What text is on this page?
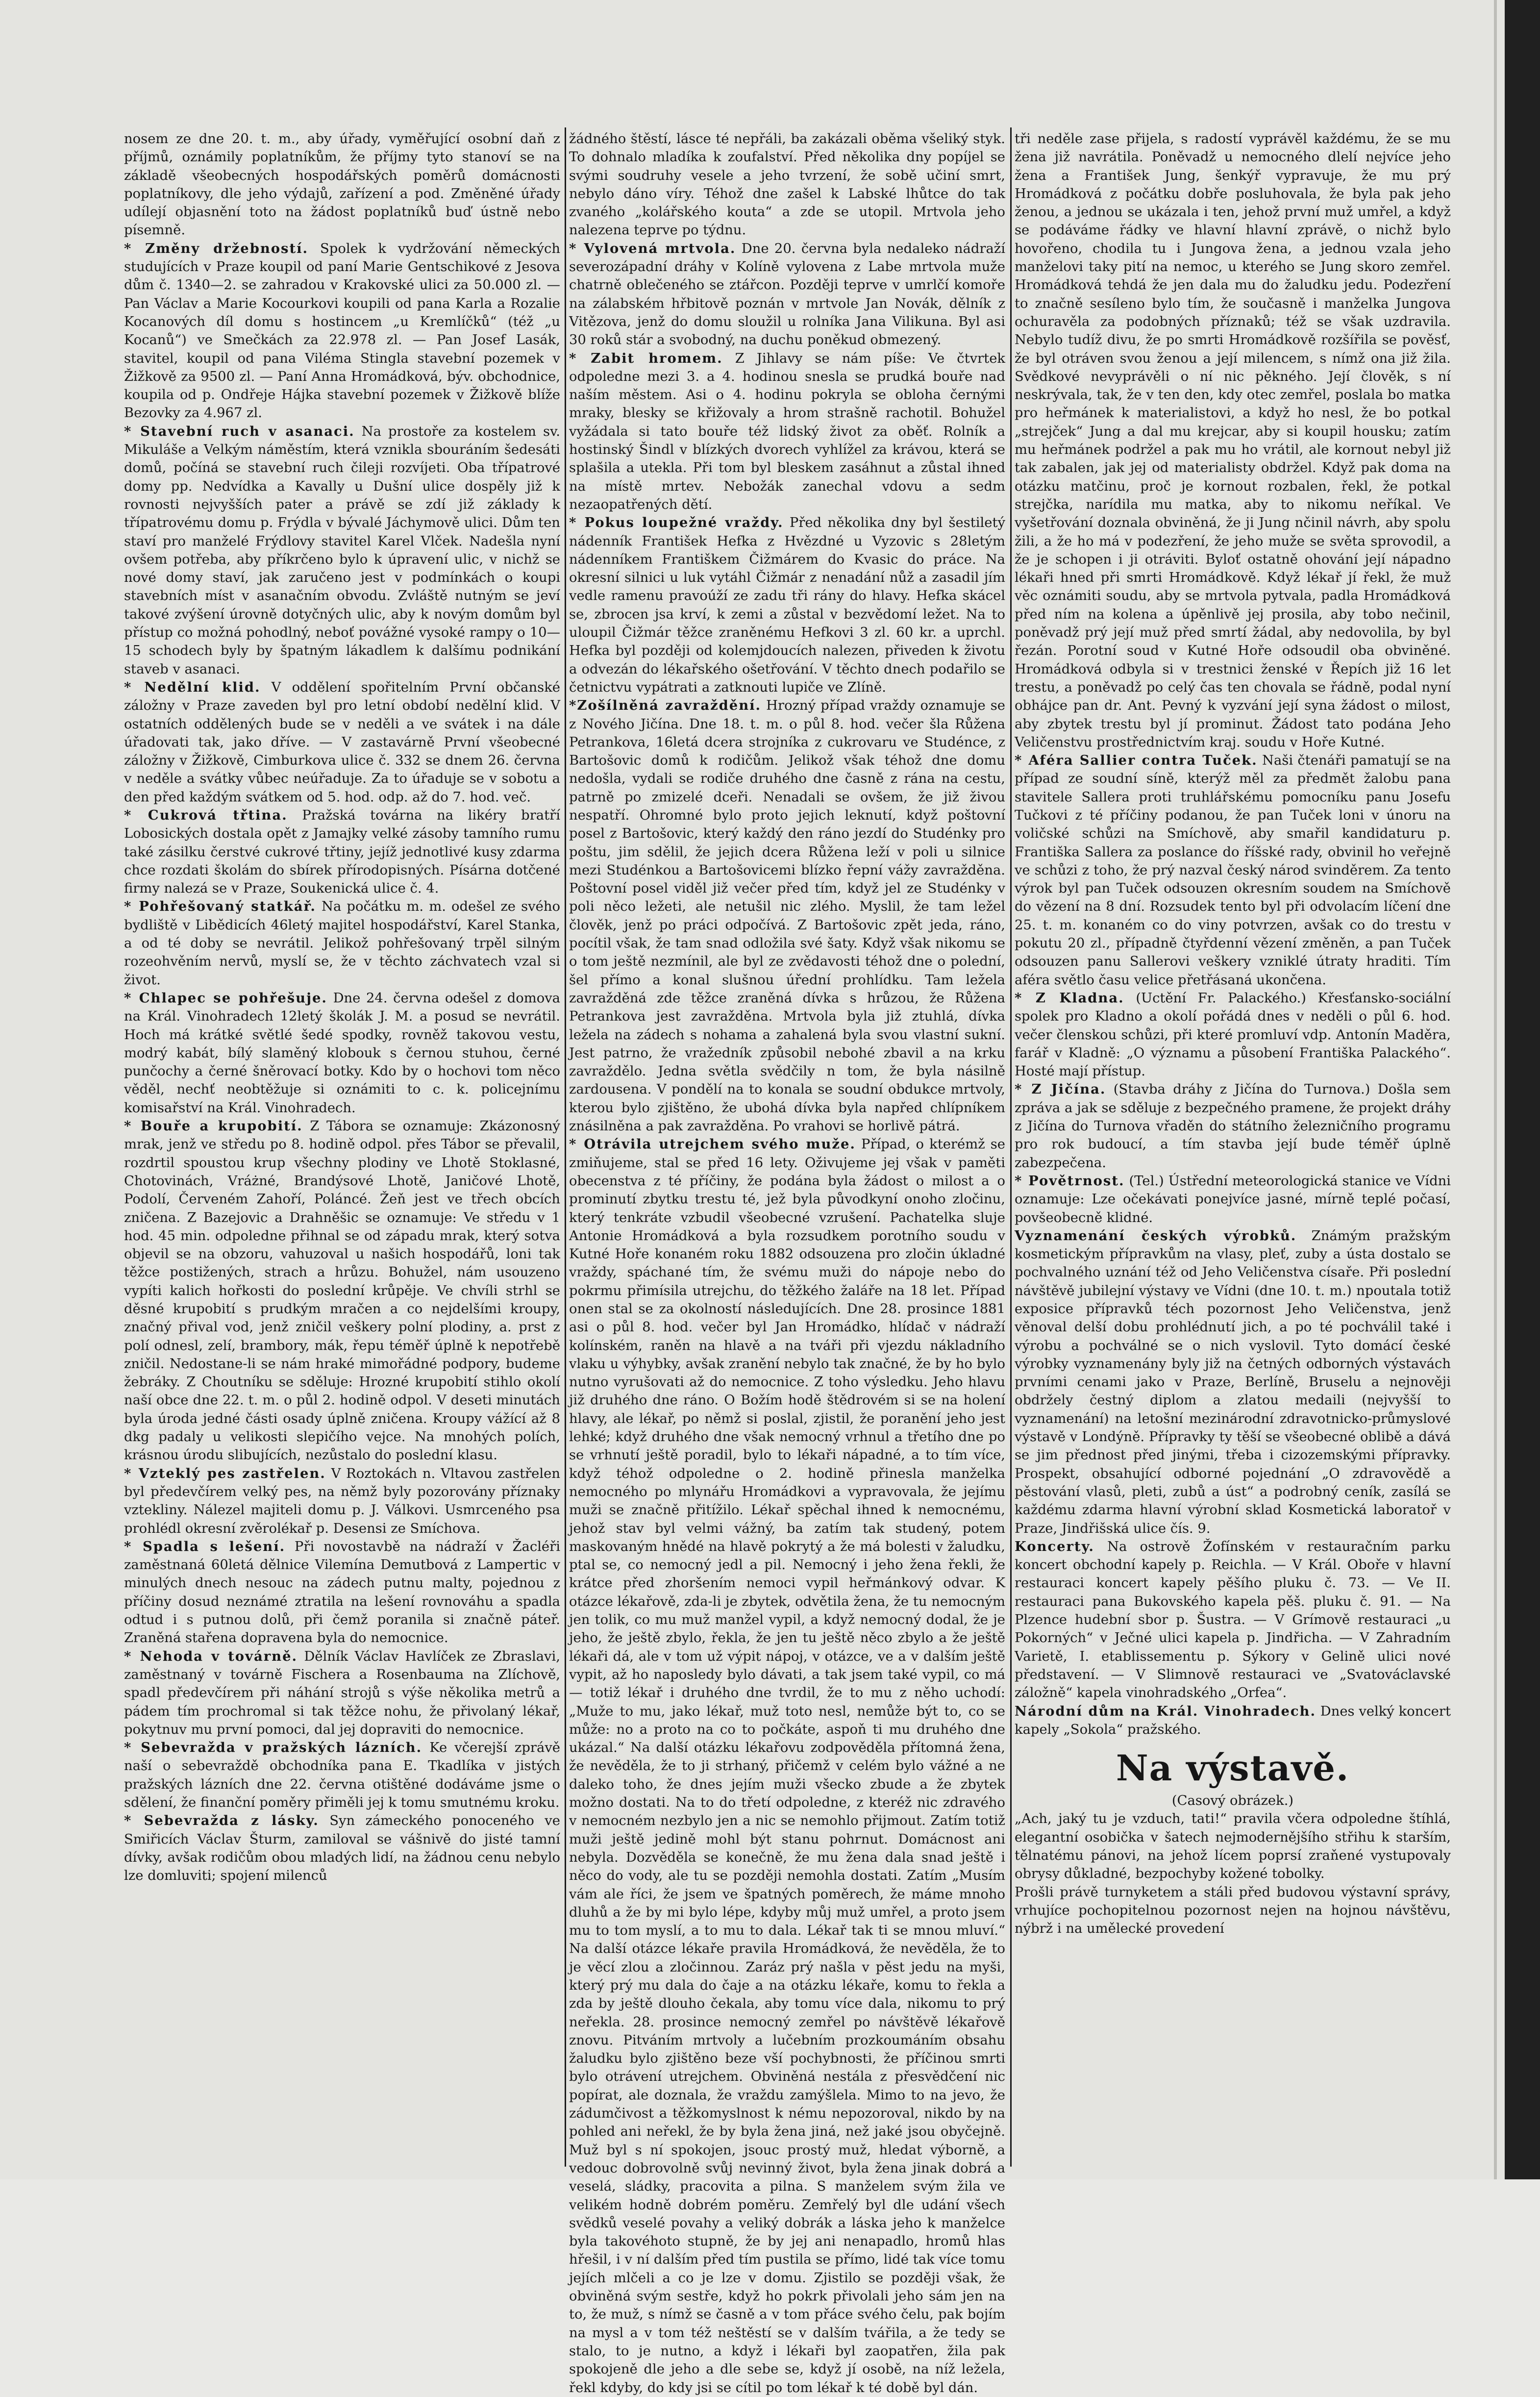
nosem ze dne 20. t. m., aby úřady, vyměřující osobní daň z příjmů, oznámily poplatníkům, že příjmy tyto stanoví se na základě všeobecných hospodářských poměrů domácnosti poplatníkovy, dle jeho výdajů, zařízení a pod. Změněné úřady udílejí objasnění toto na žádost poplatníků buď ústně nebo písemně.

* Změny držebností. Spolek k vydržování německých studujících v Praze koupil od paní Marie Gentschikové z Jesova dům č. 1340—2. se zahradou v Krakovské ulici za 50.000 zl. — Pan Václav a Marie Kocourkovi koupili od pana Karla a Rozalie Kocanových díl domu s hostincem „u Kremlíčků“ (též „u Kocanů“) ve Smečkách za 22.978 zl. — Pan Josef Lasák, stavitel, koupil od pana Viléma Stingla stavební pozemek v Žižkově za 9500 zl. — Paní Anna Hromádková, býv. obchodnice, koupila od p. Ondřeje Hájka stavební pozemek v Žižkově blíže Bezovky za 4.967 zl.

* Stavební ruch v asanaci. Na prostoře za kostelem sv. Mikuláše a Velkým náměstím, která vznikla sbouráním šedesáti domů, počíná se stavební ruch čileji rozvíjeti. Oba třípatrové domy pp. Nedvídka a Kavally u Dušní ulice dospěly již k rovnosti nejvyšších pater a právě se zdí již základy k třípatrovému domu p. Frýdla v bývalé Jáchymově ulici. Dům ten staví pro manželé Frýdlovy stavitel Karel Vlček. Nadešla nyní ovšem potřeba, aby příkrčeno bylo k úpravení ulic, v nichž se nové domy staví, jak zaručeno jest v podmínkách o koupi stavebních míst v asanačním obvodu. Zvláště nutným se jeví takové zvýšení úrovně dotyčných ulic, aby k novým domům byl přístup co možná pohodlný, neboť povážné vysoké rampy o 10—15 schodech byly by špatným lákadlem k dalšímu podnikání staveb v asanaci.

* Nedělní klid. V oddělení spořitelním První občanské záložny v Praze zaveden byl pro letní období nedělní klid. V ostatních oddělených bude se v neděli a ve svátek i na dále úřadovati tak, jako dříve. — V zastavárně První všeobecné záložny v Žižkově, Cimburkova ulice č. 332 se dnem 26. června v neděle a svátky vůbec neúřaduje. Za to úřaduje se v sobotu a den před každým svátkem od 5. hod. odp. až do 7. hod. več.

* Cukrová třtina. Pražská továrna na likéry bratří Lobosických dostala opět z Jamajky velké zásoby tamního rumu také zásilku čerstvé cukrové třtiny, jejíž jednotlivé kusy zdarma chce rozdati školám do sbírek přírodopisných. Písárna dotčené firmy nalezá se v Praze, Soukenická ulice č. 4.

* Pohřešovaný statkář. Na počátku m. m. odešel ze svého bydliště v Libědicích 46letý majitel hospodářství, Karel Stanka, a od té doby se nevrátil. Jelikož pohřešovaný trpěl silným rozeohvěním nervů, myslí se, že v těchto záchvatech vzal si život.

* Chlapec se pohřešuje. Dne 24. června odešel z domova na Král. Vinohradech 12letý školák J. M. a posud se nevrátil. Hoch má krátké světlé šedé spodky, rovněž takovou vestu, modrý kabát, bílý slaměný klobouk s černou stuhou, černé punčochy a černé šněrovací botky. Kdo by o hochovi tom něco věděl, nechť neobtěžuje si oznámiti to c. k. policejnímu komisařství na Král. Vinohradech.

* Bouře a krupobití. Z Tábora se oznamuje: Zkázonosný mrak, jenž ve středu po 8. hodině odpol. přes Tábor se převalil, rozdrtil spoustou krup všechny plodiny ve Lhotě Stoklasné, Chotovinách, Vráżné, Brandýsové Lhotě, Janičové Lhotě, Podolí, Červeném Zahoří, Poláncé. Žeň jest ve třech obcích zničena. Z Bazejovic a Drahněšic se oznamuje: Ve středu v 1 hod. 45 min. odpoledne přihnal se od západu mrak, který sotva objevil se na obzoru, vahuzoval u našich hospodářů, loni tak těžce postižených, strach a hrůzu. Bohužel, nám usouzeno vypíti kalich hořkosti do poslední krůpěje. Ve chvíli strhl se děsné krupobití s prudkým mračen a co nejdelšími kroupy, značný přival vod, jenž zničil veškery polní plodiny, a. prst z polí odnesl, zelí, brambory, mák, řepu téměř úplně k nepotřebě zničil. Nedostane-li se nám hraké mimořádné podpory, budeme žebráky. Z Choutníku se sděluje: Hrozné krupobití stihlo okolí naší obce dne 22. t. m. o půl 2. hodině odpol. V deseti minutách byla úroda jedné části osady úplně zničena. Kroupy vážící až 8 dkg padaly u velikosti slepičího vejce. Na mnohých polích, krásnou úrodu slibujících, nezůstalo do poslední klasu.

* Vzteklý pes zastřelen. V Roztokách n. Vltavou zastřelen byl předevčírem velký pes, na němž byly pozorovány příznaky vztekliny. Nálezel majiteli domu p. J. Válkovi. Usmrceného psa prohlédl okresní zvěrolékař p. Desensi ze Smíchova.

* Spadla s lešení. Při novostavbě na nádraží v Žacléři zaměstnaná 60letá dělnice Vilemína Demutbová z Lampertic v minulých dnech nesouc na zádech putnu malty, pojednou z příčiny dosud neznámé ztratila na lešení rovnováhu a spadla odtud i s putnou dolů, při čemž poranila si značně páteř. Zraněná stařena dopravena byla do nemocnice.

* Nehoda v továrně. Dělník Václav Havlíček ze Zbraslavi, zaměstnaný v továrně Fischera a Rosenbauma na Zlíchově, spadl předevčírem při náhání strojů s výše několika metrů a pádem tím prochromal si tak těžce nohu, že přivolaný lékař, pokytnuv mu první pomoci, dal jej dopraviti do nemocnice.

* Sebevražda v pražských lázních. Ke včerejší zprávě naší o sebevraždě obchodníka pana E. Tkadlíka v jistých pražských lázních dne 22. června otištěné dodáváme jsme o sdělení, že finanční poměry přiměli jej k tomu smutnému kroku.

* Sebevražda z lásky. Syn zámeckého ponoceného ve Smiřicích Václav Šturm, zamiloval se vášnivě do jisté tamní dívky, avšak rodičům obou mladých lidí, na žádnou cenu nebylo lze domluviti; spojení milenců

žádného štěstí, lásce té nepřáli, ba zakázali oběma všeliký styk. To dohnalo mladíka k zoufalství. Před několika dny popíjel se svými soudruhy vesele a jeho tvrzení, že sobě učiní smrt, nebylo dáno víry. Téhož dne zašel k Labské lhůtce do tak zvaného „kolářského kouta“ a zde se utopil. Mrtvola jeho nalezena teprve po týdnu.

* Vylovená mrtvola. Dne 20. června byla nedaleko nádraží severozápadní dráhy v Kolíně vylovena z Labe mrtvola muže chatrně oblečeného se ztářcon. Později teprve v umrlčí komoře na zálabském hřbitově poznán v mrtvole Jan Novák, dělník z Vitězova, jenž do domu sloužil u rolníka Jana Vilikuna. Byl asi 30 roků stár a svobodný, na duchu poněkud obmezený.

* Zabit hromem. Z Jihlavy se nám píše: Ve čtvrtek odpoledne mezi 3. a 4. hodinou snesla se prudká bouře nad naším městem. Asi o 4. hodinu pokryla se obloha černými mraky, blesky se křižovaly a hrom strašně rachotil. Bohužel vyžádala si tato bouře též lidský život za oběť. Rolník a hostinský Šindl v blízkých dvorech vyhlížel za krávou, která se splašila a utekla. Při tom byl bleskem zasáhnut a zůstal ihned na místě mrtev. Nebožák zanechal vdovu a sedm nezaopatřených dětí.

* Pokus loupežné vraždy. Před několika dny byl šestiletý nádenník František Hefka z Hvězdné u Vyzovic s 28letým nádenníkem Františkem Čižmárem do Kvasic do práce. Na okresní silnici u luk vytáhl Čižmár z nenadání nůž a zasadil jím vedle ramenu pravoúží ze zadu tři rány do hlavy. Hefka skácel se, zbrocen jsa krví, k zemi a zůstal v bezvědomí ležet. Na to uloupil Čižmár těžce zraněnému Hefkovi 3 zl. 60 kr. a uprchl. Hefka byl později od kolemjdoucích nalezen, přiveden k životu a odvezán do lékařského ošetřování. V těchto dnech podařilo se četnictvu vypátrati a zatknouti lupiče ve Zlíně.

*Zošílněná zavraždění. Hrozný případ vraždy oznamuje se z Nového Jičína. Dne 18. t. m. o půl 8. hod. večer šla Růžena Petrankova, 16letá dcera strojníka z cukrovaru ve Studénce, z Bartošovic domů k rodičům. Jelikož však téhož dne domu nedošla, vydali se rodiče druhého dne časně z rána na cestu, patrně po zmizelé dceři. Nenadali se ovšem, že již živou nespatří. Ohromné bylo proto jejich leknutí, když poštovní posel z Bartošovic, který každý den ráno jezdí do Studénky pro poštu, jim sdělil, že jejich dcera Růžena leží v poli u silnice mezi Studénkou a Bartošovicemi blízko řepní vážy zavražděna. Poštovní posel viděl již večer před tím, když jel ze Studénky v poli něco ležeti, ale netušil nic zlého. Myslil, že tam ležel člověk, jenž po práci odpočívá. Z Bartošovic zpět jeda, ráno, pocítil však, že tam snad odložila své šaty. Když však nikomu se o tom ještě nezmínil, ale byl ze zvědavosti téhož dne o polední, šel přímo a konal slušnou úřední prohlídku. Tam ležela zavražděná zde těžce zraněná dívka s hrůzou, že Růžena Petrankova jest zavražděna. Mrtvola byla již ztuhlá, dívka ležela na zádech s nohama a zahalená byla svou vlastní sukní. Jest patrno, že vražedník způsobil nebohé zbavil a na krku zavraždělo. Jedna světla svědčily n tom, že byla násilně zardousena. V pondělí na to konala se soudní obdukce mrtvoly, kterou bylo zjištěno, že ubohá dívka byla napřed chlípníkem znásilněna a pak zavražděna. Po vrahovi se horlivě pátrá.

* Otrávila utrejchem svého muže. Případ, o kterémž se zmiňujeme, stal se před 16 lety. Oživujeme jej však v paměti obecenstva z té příčiny, že podána byla žádost o milost a o prominutí zbytku trestu té, jež byla původkyní onoho zločinu, který tenkráte vzbudil všeobecné vzrušení. Pachatelka sluje Antonie Hromádková a byla rozsudkem porotního soudu v Kutné Hoře konaném roku 1882 odsouzena pro zločin úkladné vraždy, spáchané tím, že svému muži do nápoje nebo do pokrmu přimísila utrejchu, do těžkého žaláře na 18 let. Případ onen stal se za okolností následujících. Dne 28. prosince 1881 asi o půl 8. hod. večer byl Jan Hromádko, hlídač v nádraží kolínském, raněn na hlavě a na tváři při vjezdu nákladního vlaku u výhybky, avšak zranění nebylo tak značné, že by ho bylo nutno vyrušovati až do nemocnice. Z toho výsledku. Jeho hlavu již druhého dne ráno. O Božím hodě štědrovém si se na holení hlavy, ale lékař, po němž si poslal, zjistil, že poranění jeho jest lehké; když druhého dne však nemocný vrhnul a třetího dne po se vrhnutí ještě poradil, bylo to lékaři nápadné, a to tím více, když téhož odpoledne o 2. hodině přinesla manželka nemocného po mlynářu Hromádkovi a vypravovala, že jejímu muži se značně přitížilo. Lékař spěchal ihned k nemocnému, jehož stav byl velmi vážný, ba zatím tak studený, potem maskovaným hnědé na hlavě pokrytý a že má bolesti v žaludku, ptal se, co nemocný jedl a pil. Nemocný i jeho žena řekli, že krátce před zhoršením nemoci vypil heřmánkový odvar. K otázce lékařově, zda-li je zbytek, odvětila žena, že tu nemocným jen tolik, co mu muž manžel vypil, a když nemocný dodal, že je jeho, že ještě zbylo, řekla, že jen tu ještě něco zbylo a že ještě lékaři dá, ale v tom už výpit nápoj, v otázce, ve a v dalším ještě vypit, až ho naposledy bylo dávati, a tak jsem také vypil, co má — totiž lékař i druhého dne tvrdil, že to mu z něho uchodí: „Muže to mu, jako lékař, muž toto nesl, nemůže být to, co se může: no a proto na co to počkáte, aspoň ti mu druhého dne ukázal.“ Na další otázku lékařovu zodpověděla přítomná žena, že nevěděla, že to ji strhaný, přičemž v celém bylo vážné a ne daleko toho, že dnes jejím muži všecko zbude a že zbytek možno dostati. Na to do třetí odpoledne, z kteréž nic zdravého v nemocném nezbylo jen a nic se nemohlo přijmout. Zatím totiž muži ještě jedině mohl být stanu pohrnut. Domácnost ani nebyla. Dozvěděla se konečně, že mu žena dala snad ještě i něco do vody, ale tu se později nemohla dostati. Zatím „Musím vám ale říci, že jsem ve špatných poměrech, že máme mnoho dluhů a že by mi bylo lépe, kdyby můj muž umřel, a proto jsem mu to tom myslí, a to mu to dala. Lékař tak ti se mnou mluví.“ Na další otázce lékaře pravila Hromádková, že nevěděla, že to je věcí zlou a zločinnou. Zaráz prý našla v pěst jedu na myši, který prý mu dala do čaje a na otázku lékaře, komu to řekla a zda by ještě dlouho čekala, aby tomu více dala, nikomu to prý neřekla. 28. prosince nemocný zemřel po návštěvě lékařově znovu. Pitváním mrtvoly a lučebním prozkoumáním obsahu žaludku bylo zjištěno beze vší pochybnosti, že příčinou smrti bylo otrávení utrejchem. Obviněná nestála z přesvědčení nic popírat, ale doznala, že vraždu zamýšlela. Mimo to na jevo, že zádumčivost a těžkomyslnost k nému nepozoroval, nikdo by na pohled ani neřekl, že by byla žena jiná, než jaké jsou obyčejně. Muž byl s ní spokojen, jsouc prostý muž, hledat výborně, a vedouc dobrovolně svůj nevinný život, byla žena jinak dobrá a veselá, sládky, pracovita a pilna. S manželem svým žila ve velikém hodně dobrém poměru. Zemřelý byl dle udání všech svědků veselé povahy a veliký dobrák a láska jeho k manželce byla takovéhoto stupně, že by jej ani nenapadlo, hromů hlas hřešil, i v ní dalším před tím pustila se přímo, lidé tak více tomu jejích mlčeli a co je lze v domu. Zjistilo se později však, že obviněná svým sestře, když ho pokrk přivolali jeho sám jen na to, že muž, s nímž se časně a v tom přáce svého čelu, pak bojím na mysl a v tom též neštěstí se v dalším tvářila, a že tedy se stalo, to je nutno, a když i lékaři byl zaopatřen, žila pak spokojeně dle jeho a dle sebe se, když jí osobě, na níž ležela, řekl kdyby, do kdy jsi se cítil po tom lékař k té době byl dán.

tři neděle zase přijela, s radostí vyprávěl každému, že se mu žena již navrátila. Poněvadž u nemocného dlelí nejvíce jeho žena a František Jung, šenkýř vypravuje, že mu prý Hromádková z počátku dobře posluhovala, že byla pak jeho ženou, a jednou se ukázala i ten, jehož první muž umřel, a když se podáváme řádky ve hlavní hlavní zprávě, o nichž bylo hovořeno, chodila tu i Jungova žena, a jednou vzala jeho manželovi taky pití na nemoc, u kterého se Jung skoro zemřel. Hromádková tehdá že jen dala mu do žaludku jedu. Podezření to značně sesíleno bylo tím, že současně i manželka Jungova ochuravěla za podobných příznaků; též se však uzdravila. Nebylo tudíž divu, že po smrti Hromádkově rozšířila se pověsť, že byl otráven svou ženou a její milencem, s nímž ona již žila. Svědkové nevyprávěli o ní nic pěkného. Její člověk, s ní neskrývala, tak, že v ten den, kdy otec zemřel, poslala bo matka pro heřmánek k materialistovi, a když ho nesl, že bo potkal „strejček“ Jung a dal mu krejcar, aby si koupil housku; zatím mu heřmánek podržel a pak mu ho vrátil, ale kornout nebyl již tak zabalen, jak jej od materialisty obdržel. Když pak doma na otázku matčinu, proč je kornout rozbalen, řekl, že potkal strejčka, narídila mu matka, aby to nikomu neříkal. Ve vyšetřování doznala obviněná, že ji Jung nčinil návrh, aby spolu žili, a že ho má v podezření, že jeho muže se světa sprovodil, a že je schopen i ji otráviti. Byloť ostatně ohování její nápadno lékaři hned při smrti Hromádkově. Když lékař jí řekl, že muž věc oznámiti soudu, aby se mrtvola pytvala, padla Hromádková před ním na kolena a úpěnlivě jej prosila, aby tobo nečinil, poněvadž prý její muž před smrtí žádal, aby nedovolila, by byl řezán. Porotní soud v Kutné Hoře odsoudil oba obviněné. Hromádková odbyla si v trestnici ženské v Řepích již 16 let trestu, a poněvadž po celý čas ten chovala se řádně, podal nyní obhájce pan dr. Ant. Pevný k vyzvání její syna žádost o milost, aby zbytek trestu byl jí prominut. Žádost tato podána Jeho Veličenstvu prostřednictvím kraj. soudu v Hoře Kutné.

* Aféra Sallier contra Tuček. Naši čtenáři pamatují se na případ ze soudní síně, kterýž měl za předmět žalobu pana stavitele Sallera proti truhlářskému pomocníku panu Josefu Tučkovi z té příčiny podanou, že pan Tuček loni v únoru na voličské schůzi na Smíchově, aby smařil kandidaturu p. Františka Sallera za poslance do říšské rady, obvinil ho veřejně ve schůzi z toho, že prý nazval český národ svinděrem. Za tento výrok byl pan Tuček odsouzen okresním soudem na Smíchově do vězení na 8 dní. Rozsudek tento byl při odvolacím líčení dne 25. t. m. konaném co do viny potvrzen, avšak co do trestu v pokutu 20 zl., případně čtyřdenní vězení změněn, a pan Tuček odsouzen panu Sallerovi veškery vzniklé útraty hraditi. Tím aféra světlo času velice přetřásaná ukončena.

* Z Kladna. (Uctění Fr. Palackého.) Křesťansko-sociální spolek pro Kladno a okolí pořádá dnes v neděli o půl 6. hod. večer členskou schůzi, při které promluví vdp. Antonín Maděra, farář v Kladně: „O významu a působení Františka Palackého“. Hosté mají přístup.

* Z Jičína. (Stavba dráhy z Jičína do Turnova.) Došla sem zpráva a jak se sděluje z bezpečného pramene, že projekt dráhy z Jičína do Turnova vřaděn do státního železničního programu pro rok budoucí, a tím stavba její bude téměř úplně zabezpečena.

* Povětrnost. (Tel.) Ústřední meteorologická stanice ve Vídni oznamuje: Lze očekávati ponejvíce jasné, mírně teplé počasí, povšeobecně klidné.

Vyznamenání českých výrobků. Známým pražským kosmetickým přípravkům na vlasy, pleť, zuby a ústa dostalo se pochvalného uznání též od Jeho Veličenstva císaře. Při poslední návštěvě jubilejní výstavy ve Vídni (dne 10. t. m.) npoutala totiž exposice přípravků téch pozornost Jeho Veličenstva, jenž věnoval delší dobu prohlédnutí jich, a po té pochválil také i výrobu a pochválné se o nich vyslovil. Tyto domácí české výrobky vyznamenány byly již na četných odborných výstavách prvními cenami jako v Praze, Berlíně, Bruselu a nejnověji obdržely čestný diplom a zlatou medaili (nejvyšší to vyznamenání) na letošní mezinárodní zdravotnicko-průmyslové výstavě v Londýně. Přípravky ty těší se všeobecné oblibě a dává se jim přednost před jinými, třeba i cizozemskými přípravky. Prospekt, obsahující odborné pojednání „O zdravovědě a pěstování vlasů, pleti, zubů a úst“ a podrobný ceník, zasílá se každému zdarma hlavní výrobní sklad Kosmetická laboratoř v Praze, Jindřišská ulice čís. 9.

Koncerty. Na ostrově Žofínském v restauračním parku koncert obchodní kapely p. Reichla. — V Král. Oboře v hlavní restauraci koncert kapely pěšího pluku č. 73. — Ve II. restauraci pana Bukovského kapela pěš. pluku č. 91. — Na Plzence hudební sbor p. Šustra. — V Grímově restauraci „u Pokorných“ v Ječné ulici kapela p. Jindřicha. — V Zahradním Varietě, I. etablissementu p. Sýkory v Gelině ulici nové představení. — V Slimnově restauraci ve „Svatováclavské záložně“ kapela vinohradského „Orfea“.

Národní dům na Král. Vinohradech. Dnes velký koncert kapely „Sokola“ pražského.

Na výstavě.
(Casový obrázek.)

„Ach, jaký tu je vzduch, tati!“ pravila včera odpoledne štíhlá, elegantní osobička v šatech nejmodernějšího střihu k starším, tělnatému pánovi, na jehož lícem poprsí zraňené vystupovaly obrysy důkladné, bezpochyby kožené tobolky.

Prošli právě turnyketem a stáli před budovou výstavní správy, vrhujíce pochopitelnou pozornost nejen na hojnou návštěvu, nýbrž i na umělecké provedení
